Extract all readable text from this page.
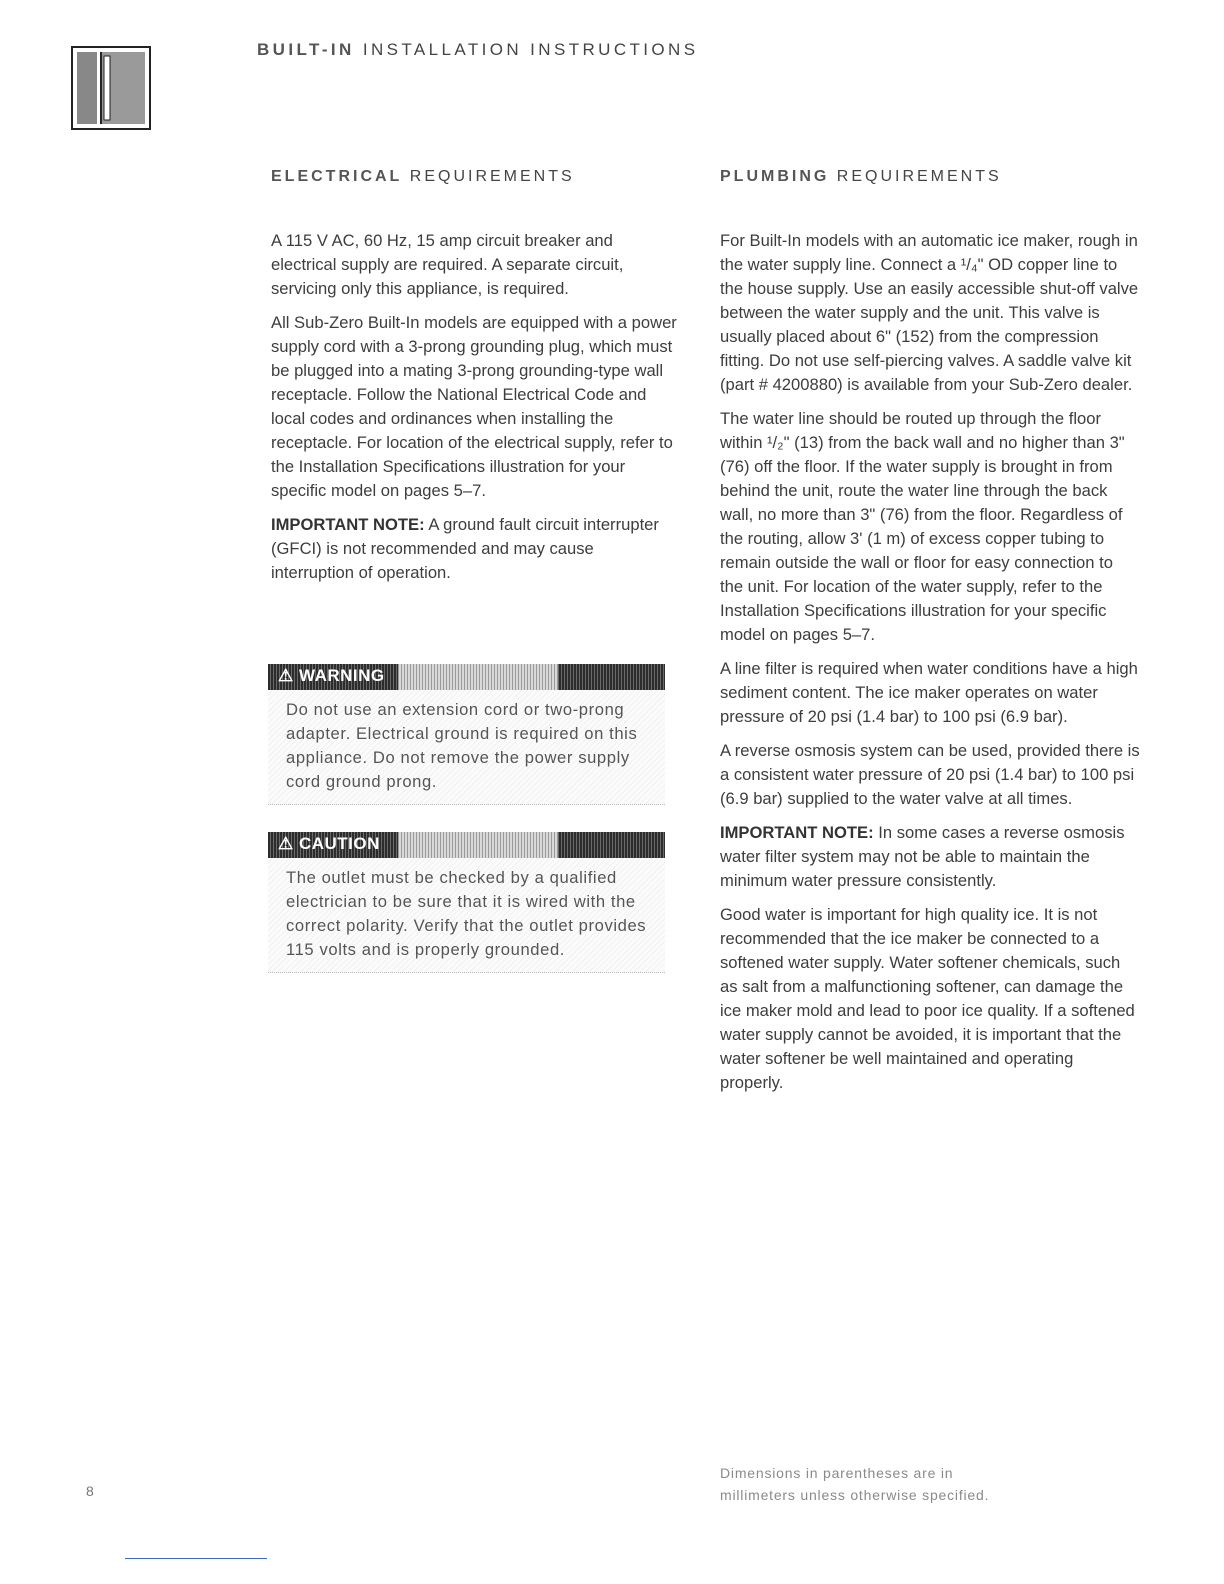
BUILT-IN INSTALLATION INSTRUCTIONS
ELECTRICAL REQUIREMENTS	PLUMBING REQUIREMENTS

A 115 V AC, 60 Hz, 15 amp circuit breaker and electrical supply are required. A separate circuit, servicing only this appliance, is required.

All Sub-Zero Built-In models are equipped with a power supply cord with a 3-prong grounding plug, which must be plugged into a mating 3-prong grounding-type wall receptacle. Follow the National Electrical Code and local codes and ordinances when installing the receptacle. For location of the electrical supply, refer to the Installation Specifications illustration for your specific model on pages 5–7.

IMPORTANT NOTE: A ground fault circuit interrupter (GFCI) is not recommended and may cause interruption of operation.

⚠ WARNING
Do not use an extension cord or two-prong adapter. Electrical ground is required on this appliance. Do not remove the power supply cord ground prong.
⚠ CAUTION
The outlet must be checked by a qualified electrician to be sure that it is wired with the correct polarity. Verify that the outlet provides 115 volts and is properly grounded.

For Built-In models with an automatic ice maker, rough in the water supply line. Connect a ¹/₄" OD copper line to the house supply. Use an easily accessible shut-off valve between the water supply and the unit. This valve is usually placed about 6" (152) from the compression fitting. Do not use self-piercing valves. A saddle valve kit (part # 4200880) is available from your Sub-Zero dealer.

The water line should be routed up through the floor within ¹/₂" (13) from the back wall and no higher than 3" (76) off the floor. If the water supply is brought in from behind the unit, route the water line through the back wall, no more than 3" (76) from the floor. Regardless of the routing, allow 3' (1 m) of excess copper tubing to remain outside the wall or floor for easy connection to the unit. For location of the water supply, refer to the Installation Specifications illustration for your specific model on pages 5–7.

A line filter is required when water conditions have a high sediment content. The ice maker operates on water pressure of 20 psi (1.4 bar) to 100 psi (6.9 bar).

A reverse osmosis system can be used, provided there is a consistent water pressure of 20 psi (1.4 bar) to 100 psi (6.9 bar) supplied to the water valve at all times.

IMPORTANT NOTE: In some cases a reverse osmosis water filter system may not be able to maintain the minimum water pressure consistently.

Good water is important for high quality ice. It is not recommended that the ice maker be connected to a softened water supply. Water softener chemicals, such as salt from a malfunctioning softener, can damage the ice maker mold and lead to poor ice quality. If a softened water supply cannot be avoided, it is important that the water softener be well maintained and operating properly.

8
Dimensions in parentheses are in
millimeters unless otherwise specified.
